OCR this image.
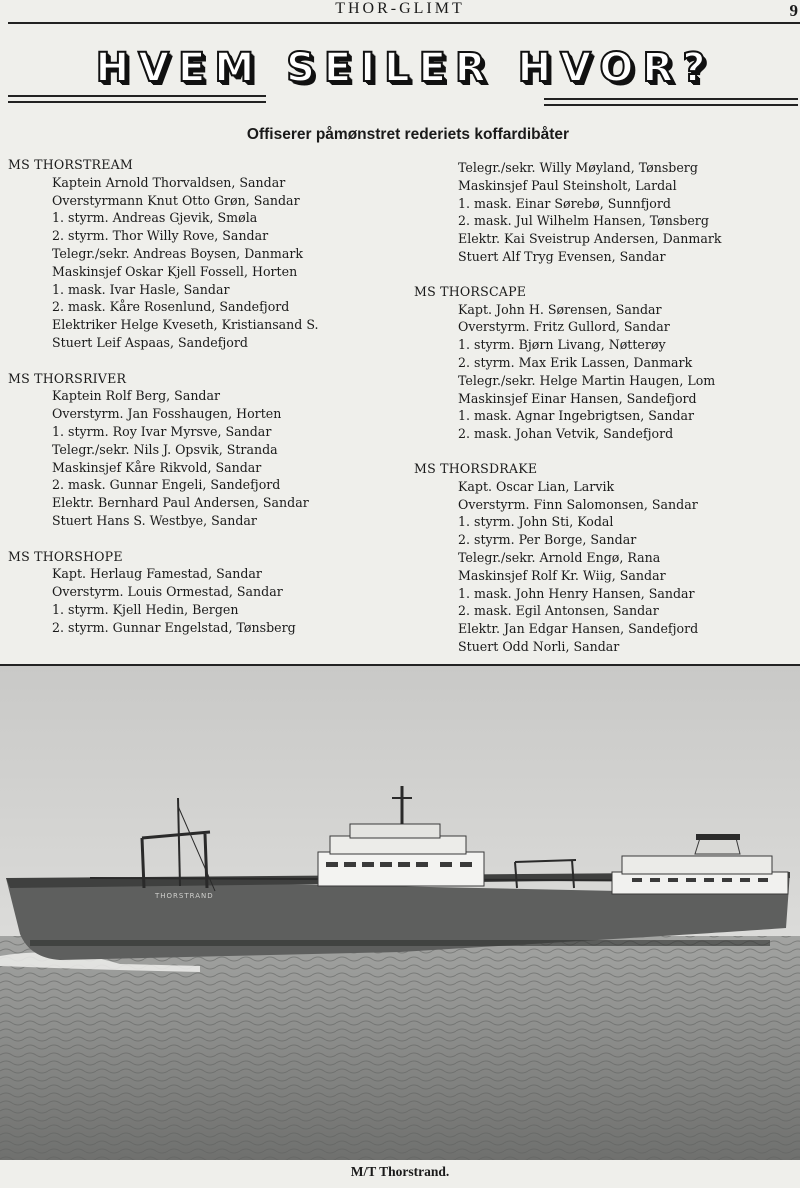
THOR-GLIMT	9
HVEM SEILER HVOR?
Offiserer påmønstret rederiets koffardibåter
MS THORSTREAM
Kaptein Arnold Thorvaldsen, Sandar
Overstyrmann Knut Otto Grøn, Sandar
1. styrm. Andreas Gjevik, Smøla
2. styrm. Thor Willy Rove, Sandar
Telegr./sekr. Andreas Boysen, Danmark
Maskinsjef Oskar Kjell Fossell, Horten
1. mask. Ivar Hasle, Sandar
2. mask. Kåre Rosenlund, Sandefjord
Elektriker Helge Kveseth, Kristiansand S.
Stuert Leif Aspaas, Sandefjord
MS THORSRIVER
Kaptein Rolf Berg, Sandar
Overstyrm. Jan Fosshaugen, Horten
1. styrm. Roy Ivar Myrsve, Sandar
Telegr./sekr. Nils J. Opsvik, Stranda
Maskinsjef Kåre Rikvold, Sandar
2. mask. Gunnar Engeli, Sandefjord
Elektr. Bernhard Paul Andersen, Sandar
Stuert Hans S. Westbye, Sandar
MS THORSHOPE
Kapt. Herlaug Famestad, Sandar
Overstyrm. Louis Ormestad, Sandar
1. styrm. Kjell Hedin, Bergen
2. styrm. Gunnar Engelstad, Tønsberg
Telegr./sekr. Willy Møyland, Tønsberg
Maskinsjef Paul Steinsholt, Lardal
1. mask. Einar Sørebø, Sunnfjord
2. mask. Jul Wilhelm Hansen, Tønsberg
Elektr. Kai Sveistrup Andersen, Danmark
Stuert Alf Tryg Evensen, Sandar
MS THORSCAPE
Kapt. John H. Sørensen, Sandar
Overstyrm. Fritz Gullord, Sandar
1. styrm. Bjørn Livang, Nøtterøy
2. styrm. Max Erik Lassen, Danmark
Telegr./sekr. Helge Martin Haugen, Lom
Maskinsjef Einar Hansen, Sandefjord
1. mask. Agnar Ingebrigtsen, Sandar
2. mask. Johan Vetvik, Sandefjord
MS THORSDRAKE
Kapt. Oscar Lian, Larvik
Overstyrm. Finn Salomonsen, Sandar
1. styrm. John Sti, Kodal
2. styrm. Per Borge, Sandar
Telegr./sekr. Arnold Engø, Rana
Maskinsjef Rolf Kr. Wiig, Sandar
1. mask. John Henry Hansen, Sandar
2. mask. Egil Antonsen, Sandar
Elektr. Jan Edgar Hansen, Sandefjord
Stuert Odd Norli, Sandar
THORSTRAND
M/T Thorstrand.
